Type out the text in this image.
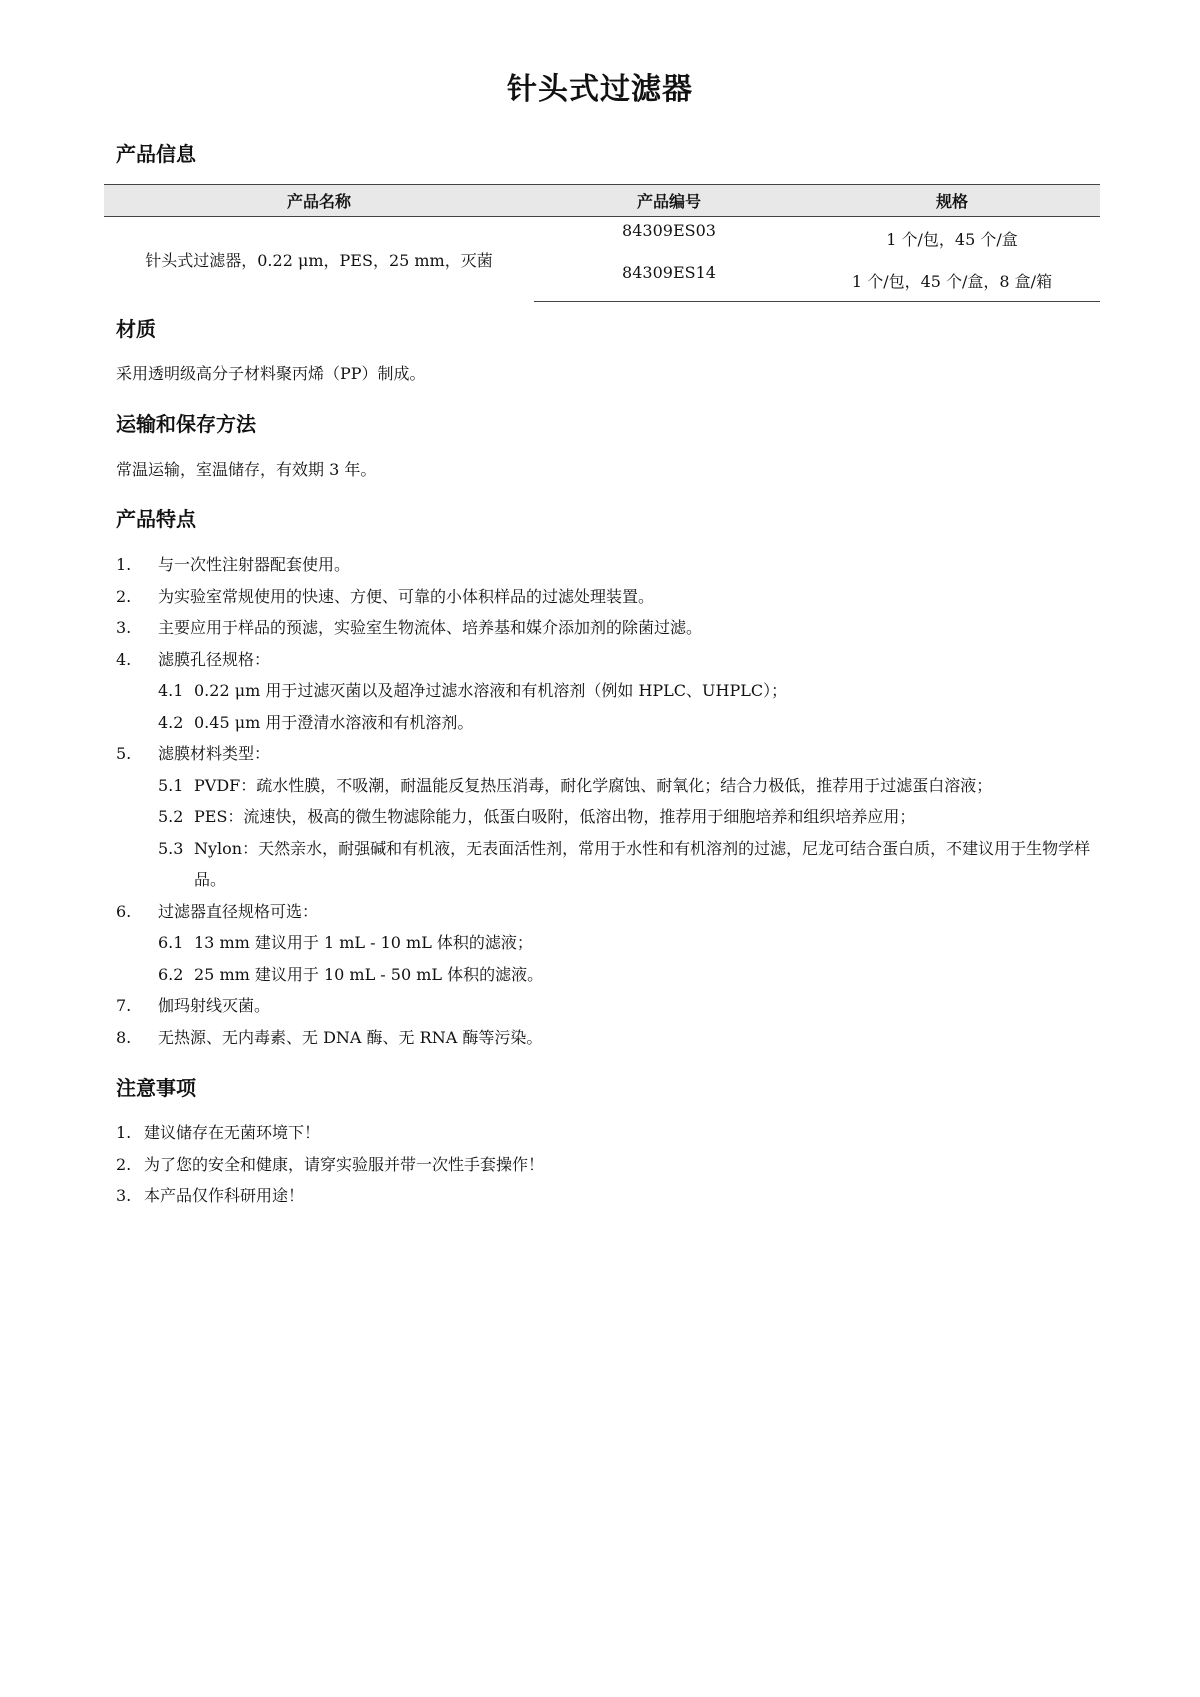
针头式过滤器
产品信息
产品名称	产品编号	规格
针头式过滤器，0.22 μm，PES，25 mm，灭菌	84309ES03	1 个/包，45 个/盒
	84309ES14	1 个/包，45 个/盒，8 盒/箱
材质
采用透明级高分子材料聚丙烯（PP）制成。
运输和保存方法
常温运输，室温储存，有效期 3 年。
产品特点
1. 与一次性注射器配套使用。
2. 为实验室常规使用的快速、方便、可靠的小体积样品的过滤处理装置。
3. 主要应用于样品的预滤，实验室生物流体、培养基和媒介添加剂的除菌过滤。
4. 滤膜孔径规格：
4.1 0.22 μm 用于过滤灭菌以及超净过滤水溶液和有机溶剂（例如 HPLC、UHPLC）；
4.2 0.45 μm 用于澄清水溶液和有机溶剂。
5. 滤膜材料类型：
5.1 PVDF：疏水性膜，不吸潮，耐温能反复热压消毒，耐化学腐蚀、耐氧化；结合力极低，推荐用于过滤蛋白溶液；
5.2 PES：流速快，极高的微生物滤除能力，低蛋白吸附，低溶出物，推荐用于细胞培养和组织培养应用；
5.3 Nylon：天然亲水，耐强碱和有机液，无表面活性剂，常用于水性和有机溶剂的过滤，尼龙可结合蛋白质，不建议用于生物学样品。
6. 过滤器直径规格可选：
6.1 13 mm 建议用于 1 mL - 10 mL 体积的滤液；
6.2 25 mm 建议用于 10 mL - 50 mL 体积的滤液。
7. 伽玛射线灭菌。
8. 无热源、无内毒素、无 DNA 酶、无 RNA 酶等污染。
注意事项
1. 建议储存在无菌环境下！
2. 为了您的安全和健康，请穿实验服并带一次性手套操作！
3. 本产品仅作科研用途！
